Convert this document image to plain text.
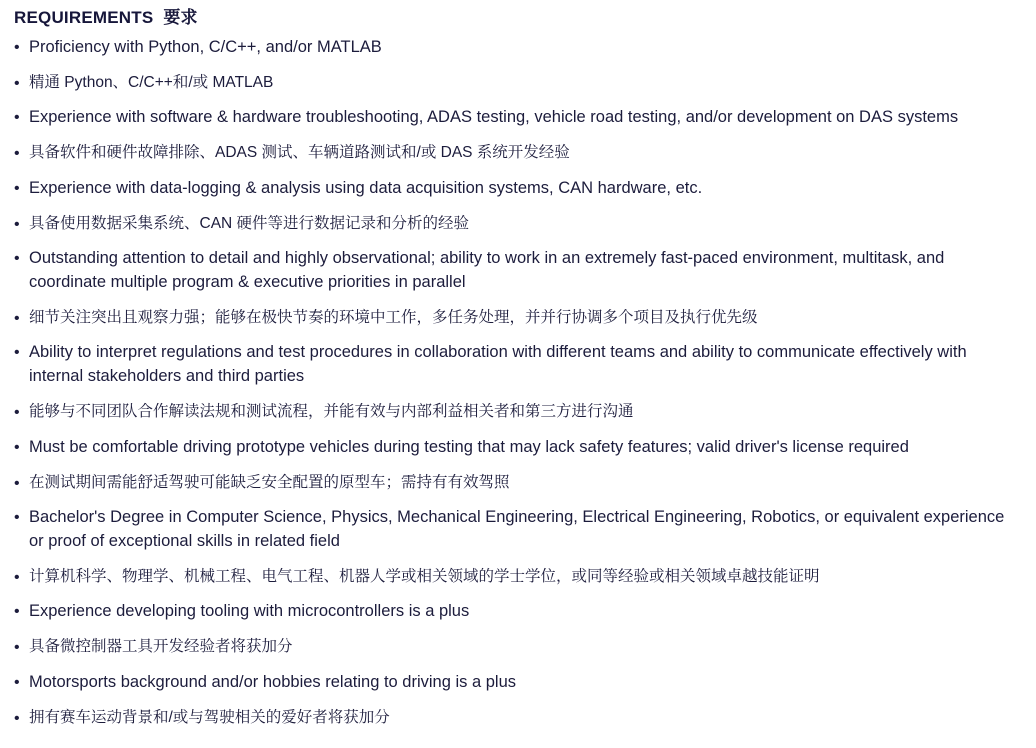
REQUIREMENTS 要求
• Proficiency with Python, C/C++, and/or MATLAB
• 精通 Python、C/C++和/或 MATLAB
• Experience with software & hardware troubleshooting, ADAS testing, vehicle road testing, and/or development on DAS systems
• 具备软件和硬件故障排除、ADAS 测试、车辆道路测试和/或 DAS 系统开发经验
• Experience with data-logging & analysis using data acquisition systems, CAN hardware, etc.
• 具备使用数据采集系统、CAN 硬件等进行数据记录和分析的经验
• Outstanding attention to detail and highly observational; ability to work in an extremely fast-paced environment, multitask, and coordinate multiple program & executive priorities in parallel
• 细节关注突出且观察力强；能够在极快节奏的环境中工作，多任务处理，并并行协调多个项目及执行优先级
• Ability to interpret regulations and test procedures in collaboration with different teams and ability to communicate effectively with internal stakeholders and third parties
• 能够与不同团队合作解读法规和测试流程，并能有效与内部利益相关者和第三方进行沟通
• Must be comfortable driving prototype vehicles during testing that may lack safety features; valid driver's license required
• 在测试期间需能舒适驾驶可能缺乏安全配置的原型车；需持有有效驾照
• Bachelor's Degree in Computer Science, Physics, Mechanical Engineering, Electrical Engineering, Robotics, or equivalent experience or proof of exceptional skills in related field
• 计算机科学、物理学、机械工程、电气工程、机器人学或相关领域的学士学位，或同等经验或相关领域卓越技能证明
• Experience developing tooling with microcontrollers is a plus
• 具备微控制器工具开发经验者将获加分
• Motorsports background and/or hobbies relating to driving is a plus
• 拥有赛车运动背景和/或与驾驶相关的爱好者将获加分
